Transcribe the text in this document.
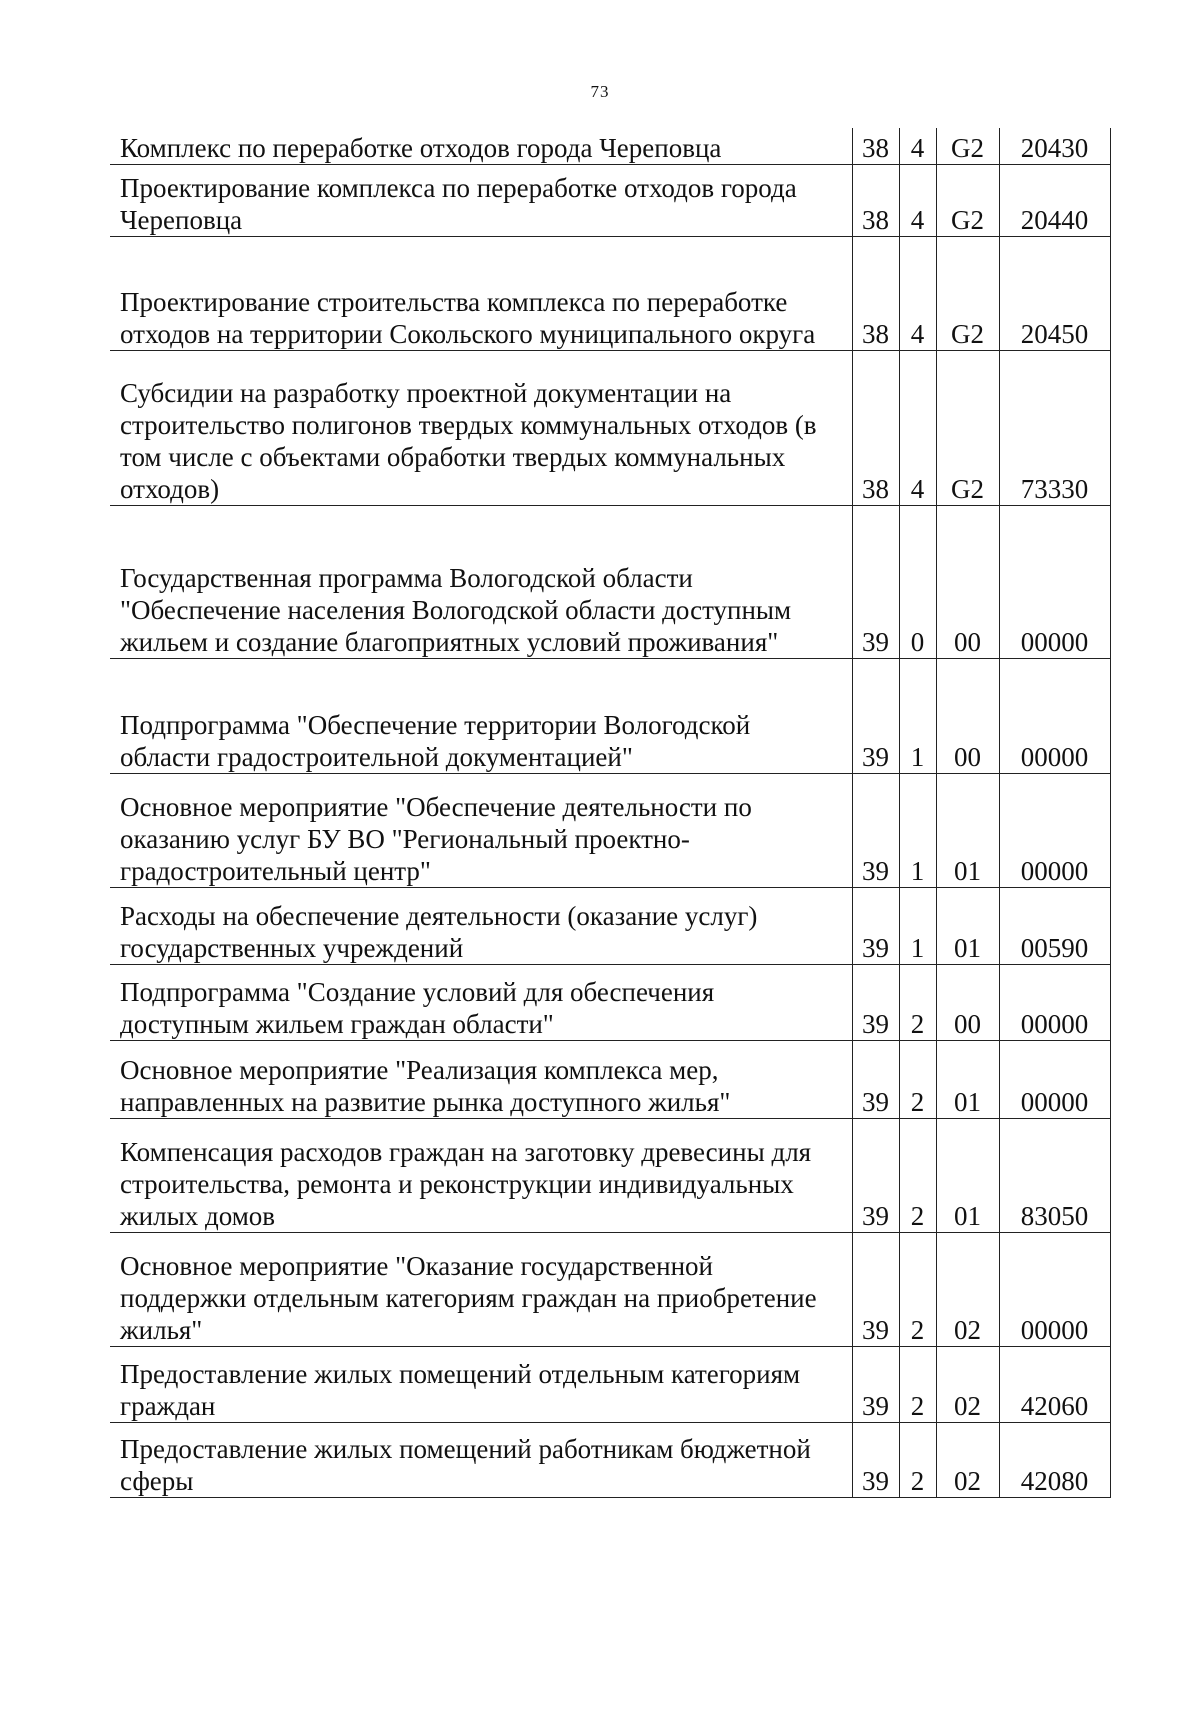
73
Комплекс по переработке отходов города Череповца	38	4	G2	20430
Проектирование комплекса по переработке отходов города Череповца	38	4	G2	20440
Проектирование строительства комплекса по переработке отходов на территории Сокольского муниципального округа	38	4	G2	20450
Субсидии на разработку проектной документации на строительство полигонов твердых коммунальных отходов (в том числе с объектами обработки твердых коммунальных отходов)	38	4	G2	73330
Государственная программа Вологодской области "Обеспечение населения Вологодской области доступным жильем и создание благоприятных условий проживания"	39	0	00	00000
Подпрограмма "Обеспечение территории Вологодской области градостроительной документацией"	39	1	00	00000
Основное мероприятие "Обеспечение деятельности по оказанию услуг БУ ВО "Региональный проектно-градостроительный центр"	39	1	01	00000
Расходы на обеспечение деятельности (оказание услуг) государственных учреждений	39	1	01	00590
Подпрограмма "Создание условий для обеспечения доступным жильем граждан области"	39	2	00	00000
Основное мероприятие "Реализация комплекса мер, направленных на развитие рынка доступного жилья"	39	2	01	00000
Компенсация расходов граждан на заготовку древесины для строительства, ремонта и реконструкции индивидуальных жилых домов	39	2	01	83050
Основное мероприятие "Оказание государственной поддержки отдельным категориям граждан на приобретение жилья"	39	2	02	00000
Предоставление жилых помещений отдельным категориям граждан	39	2	02	42060
Предоставление жилых помещений работникам бюджетной сферы	39	2	02	42080
